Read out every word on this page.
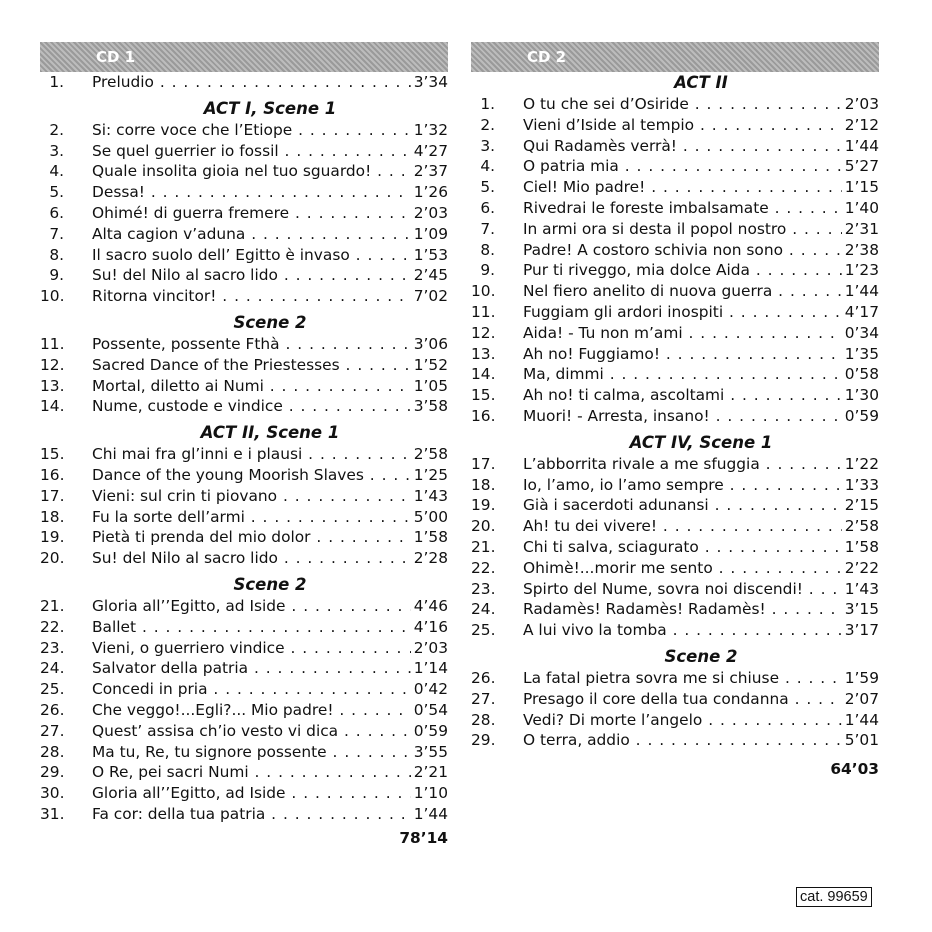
CD 1
1. Preludio . . .	3’34
ACT I, Scene 1
2. Si: corre voce che l’Etiope . . .	1’32
3. Se quel guerrier io fossil . . .	4’27
4. Quale insolita gioia nel tuo sguardo! . . .	2’37
5. Dessa! . . .	1’26
6. Ohimé! di guerra fremere . . .	2’03
7. Alta cagion v’aduna . . .	1’09
8. Il sacro suolo dell’ Egitto è invaso . . .	1’53
9. Su! del Nilo al sacro lido . . .	2’45
10. Ritorna vincitor! . . .	7’02
Scene 2
11. Possente, possente Fthà . . .	3’06
12. Sacred Dance of the Priestesses . . .	1’52
13. Mortal, diletto ai Numi . . .	1’05
14. Nume, custode e vindice . . .	3’58
ACT II, Scene 1
15. Chi mai fra gl’inni e i plausi . . .	2’58
16. Dance of the young Moorish Slaves . . .	1’25
17. Vieni: sul crin ti piovano . . .	1’43
18. Fu la sorte dell’armi . . .	5’00
19. Pietà ti prenda del mio dolor . . .	1’58
20. Su! del Nilo al sacro lido . . .	2’28
Scene 2
21. Gloria all’’Egitto, ad Iside . . .	4’46
22. Ballet . . .	4’16
23. Vieni, o guerriero vindice . . .	2’03
24. Salvator della patria . . .	1’14
25. Concedi in pria . . .	0’42
26. Che veggo!...Egli?... Mio padre! . . .	0’54
27. Quest’ assisa ch’io vesto vi dica . . .	0’59
28. Ma tu, Re, tu signore possente . . .	3’55
29. O Re, pei sacri Numi . . .	2’21
30. Gloria all’’Egitto, ad Iside . . .	1’10
31. Fa cor: della tua patria . . .	1’44
78’14
CD 2
ACT II
1. O tu che sei d’Osiride . . .	2’03
2. Vieni d’Iside al tempio . . .	2’12
3. Qui Radamès verrà! . . .	1’44
4. O patria mia . . .	5’27
5. Ciel! Mio padre! . . .	1’15
6. Rivedrai le foreste imbalsamate . . .	1’40
7. In armi ora si desta il popol nostro . . .	2’31
8. Padre! A costoro schivia non sono . . .	2’38
9. Pur ti riveggo, mia dolce Aida . . .	1’23
10. Nel fiero anelito di nuova guerra . . .	1’44
11. Fuggiam gli ardori inospiti . . .	4’17
12. Aida! - Tu non m’ami . . .	0’34
13. Ah no! Fuggiamo! . . .	1’35
14. Ma, dimmi . . .	0’58
15. Ah no! ti calma, ascoltami . . .	1’30
16. Muori! - Arresta, insano! . . .	0’59
ACT IV, Scene 1
17. L’abborrita rivale a me sfuggia . . .	1’22
18. Io, l’amo, io l’amo sempre . . .	1’33
19. Già i sacerdoti adunansi . . .	2’15
20. Ah! tu dei vivere! . . .	2’58
21. Chi ti salva, sciagurato . . .	1’58
22. Ohimè!...morir me sento . . .	2’22
23. Spirto del Nume, sovra noi discendi! . . .	1’43
24. Radamès! Radamès! Radamès! . . .	3’15
25. A lui vivo la tomba . . .	3’17
Scene 2
26. La fatal pietra sovra me si chiuse . . .	1’59
27. Presago il core della tua condanna . . .	2’07
28. Vedi? Di morte l’angelo . . .	1’44
29. O terra, addio . . .	5’01
64’03
cat. 99659
